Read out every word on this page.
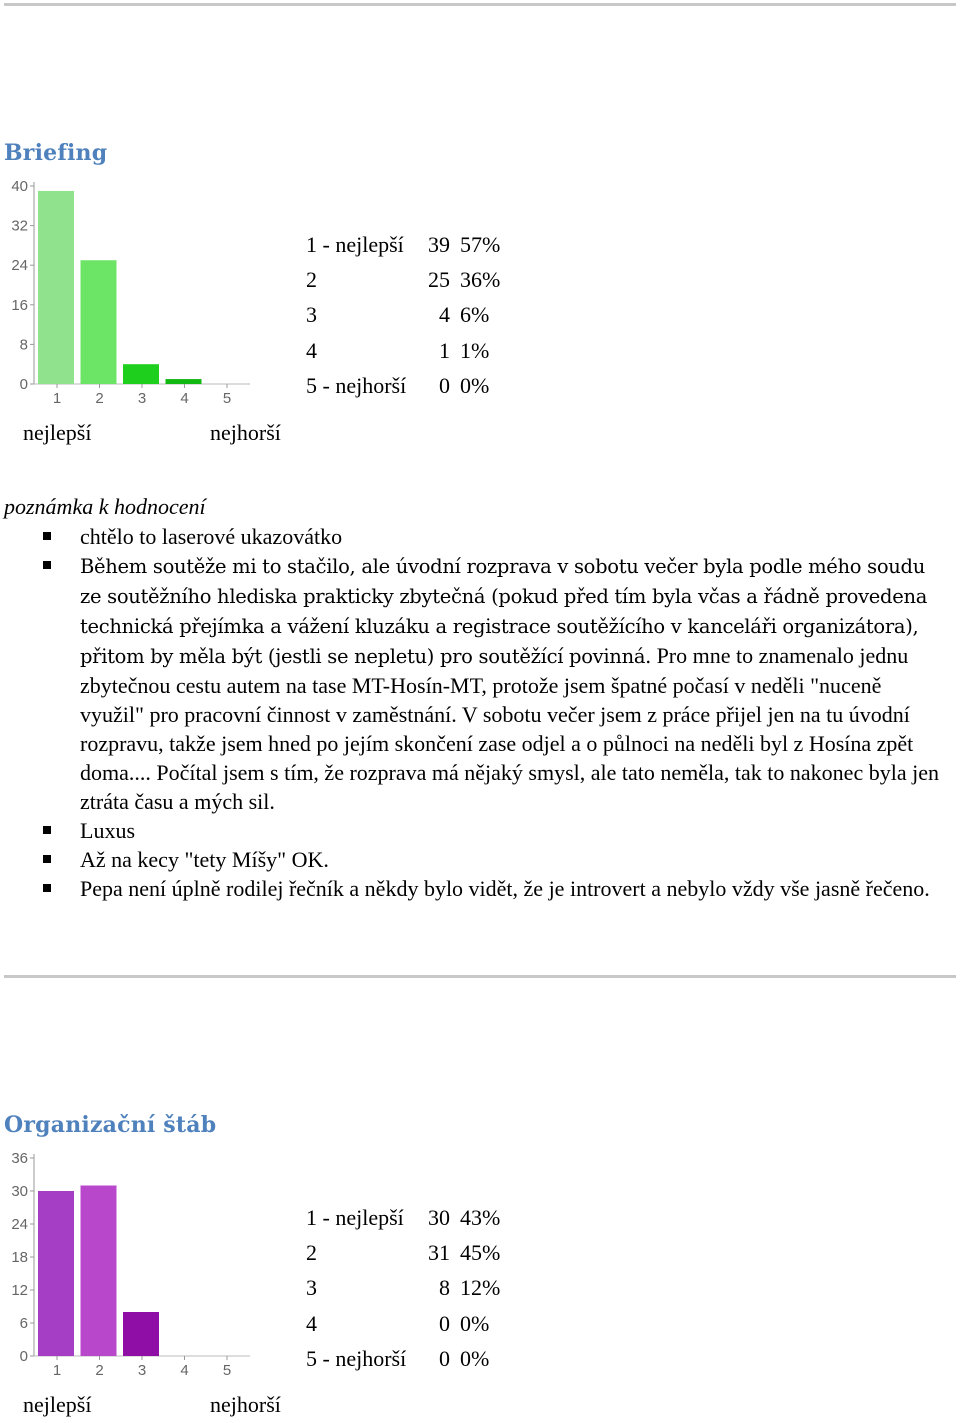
Briefing
0
8
16
24
32
40
1 2 3 4 5
1 - nejlepší	39	57%
2	25	36%
3	4	6%
4	1	1%
5 - nejhorší	0	0%
nejlepší	nejhorší

poznámka k hodnocení

chtělo to laserové ukazovátko
Během soutěže mi to stačilo, ale úvodní rozprava v sobotu večer byla podle mého soudu ze soutěžního hlediska prakticky zbytečná (pokud před tím byla včas a řádně provedena technická přejímka a vážení kluzáku a registrace soutěžícího v kanceláři organizátora), přitom by měla být (jestli se nepletu) pro soutěžící povinná. Pro mne to znamenalo jednu zbytečnou cestu autem na tase MT-Hosín-MT, protože jsem špatné počasí v neděli "nuceně využil" pro pracovní činnost v zaměstnání. V sobotu večer jsem z práce přijel jen na tu úvodní rozpravu, takže jsem hned po jejím skončení zase odjel a o půlnoci na neděli byl z Hosína zpět doma.... Počítal jsem s tím, že rozprava má nějaký smysl, ale tato neměla, tak to nakonec byla jen ztráta času a mých sil.
Luxus
Až na kecy "tety Míšy" OK.
Pepa není úplně rodilej řečník a někdy bylo vidět, že je introvert a nebylo vždy vše jasně řečeno.
Organizační štáb
0
6
12
18
24
30
36
1 2 3 4 5
1 - nejlepší	30	43%
2	31	45%
3	8	12%
4	0	0%
5 - nejhorší	0	0%
nejlepší	nejhorší
